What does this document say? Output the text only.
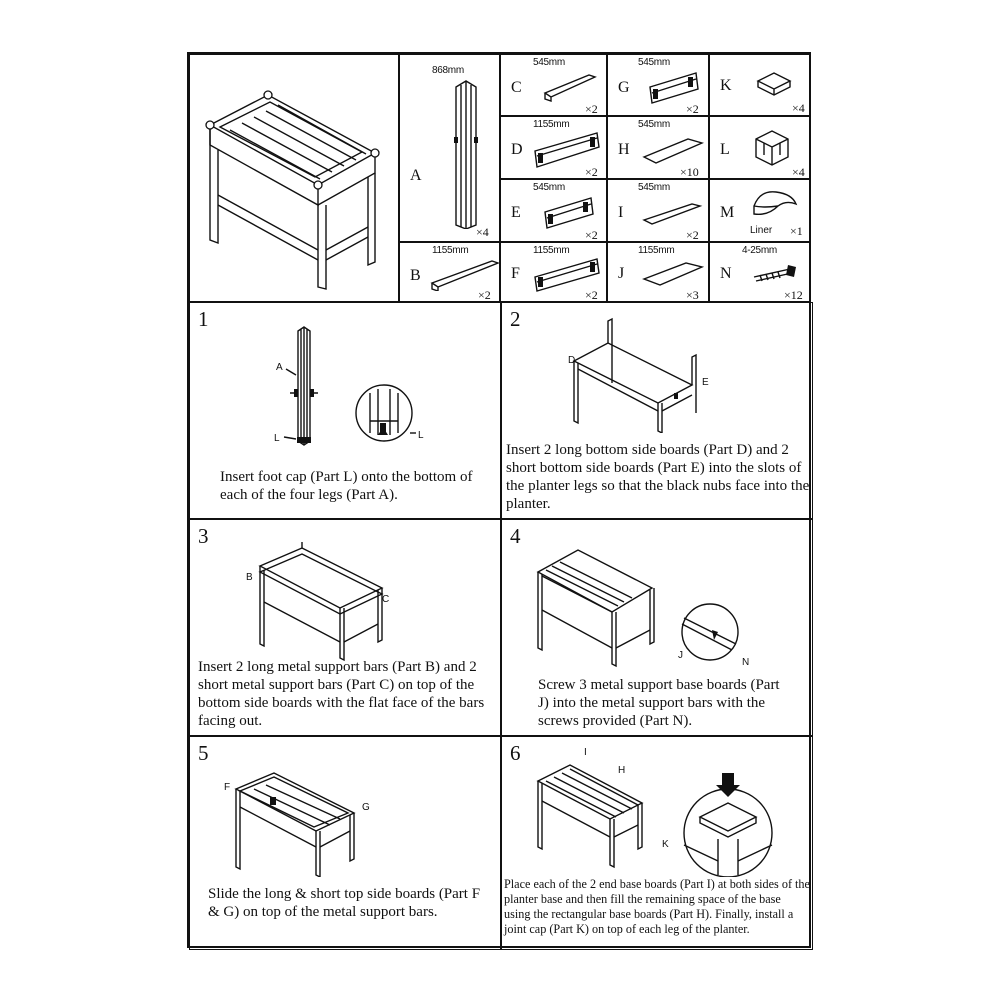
A
868mm
×4
B
1155mm
×2
C
545mm
×2
D
1155mm
×2
E
545mm
×2
F
1155mm
×2
G
545mm
×2
H
545mm
×10
I
545mm
×2
J
1155mm
×3
K
×4
L
×4
M
Liner ×1
N
4-25mm
×12
1
A
L	L
Insert foot cap (Part L) onto the bottom of each of the four legs (Part A).
2
D
E
Insert 2 long bottom side boards (Part D) and 2 short bottom side boards (Part E) into the slots of the planter legs so that the black nubs face into the planter.
3
B
C
Insert 2 long metal support bars (Part B) and 2 short metal support bars (Part C) on top of the bottom side boards with the flat face of the bars facing out.
4
J
N
Screw 3 metal support base boards (Part J) into the metal support bars with the screws provided (Part N).
5
F
G
Slide the long & short top side boards (Part F & G) on top of the metal support bars.
6	I
H
K
Place each of the 2 end base boards (Part I) at both sides of the planter base and then fill the remaining space of the base using the rectangular base boards (Part H). Finally, install a joint cap (Part K) on top of each leg of the planter.
